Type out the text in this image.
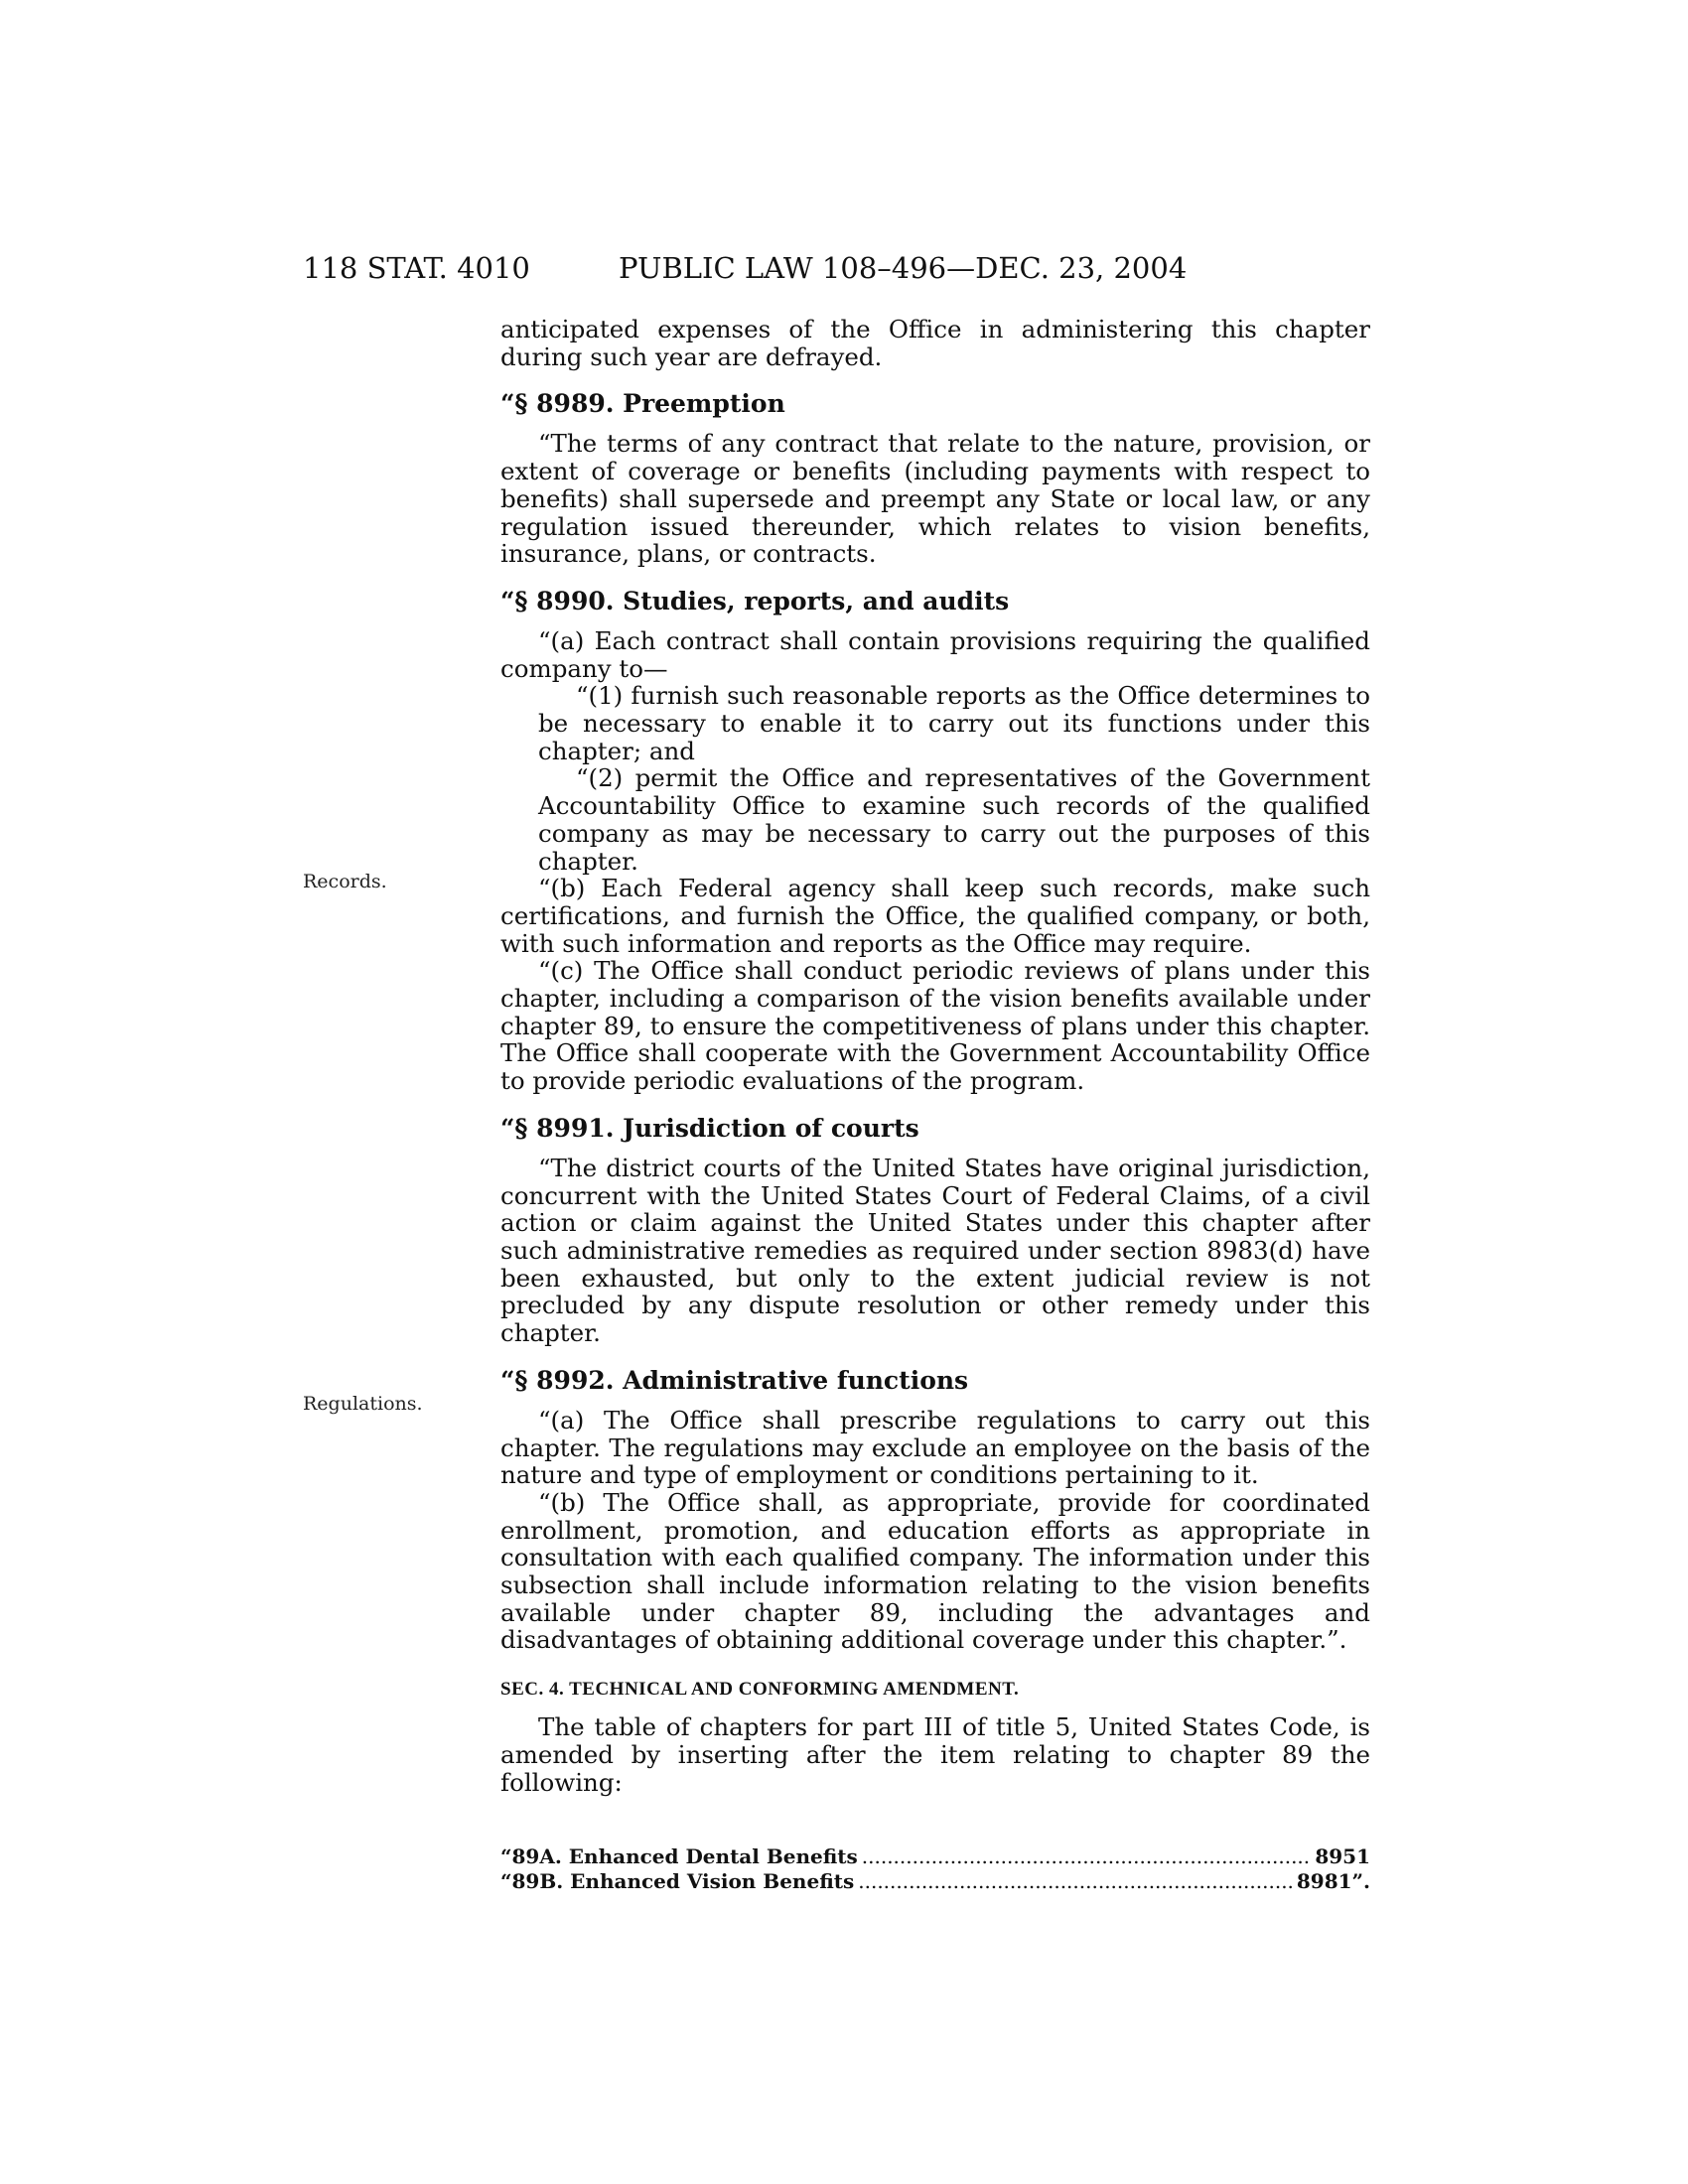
118 STAT. 4010	PUBLIC LAW 108–496—DEC. 23, 2004
Records.
Regulations.

anticipated expenses of the Office in administering this chapter during such year are defrayed.

“§ 8989. Preemption

“The terms of any contract that relate to the nature, provision, or extent of coverage or benefits (including payments with respect to benefits) shall supersede and preempt any State or local law, or any regulation issued thereunder, which relates to vision benefits, insurance, plans, or contracts.

“§ 8990. Studies, reports, and audits

“(a) Each contract shall contain provisions requiring the qualified company to—

“(1) furnish such reasonable reports as the Office determines to be necessary to enable it to carry out its functions under this chapter; and

“(2) permit the Office and representatives of the Government Accountability Office to examine such records of the qualified company as may be necessary to carry out the purposes of this chapter.

“(b) Each Federal agency shall keep such records, make such certifications, and furnish the Office, the qualified company, or both, with such information and reports as the Office may require.

“(c) The Office shall conduct periodic reviews of plans under this chapter, including a comparison of the vision benefits available under chapter 89, to ensure the competitiveness of plans under this chapter. The Office shall cooperate with the Government Accountability Office to provide periodic evaluations of the program.

“§ 8991. Jurisdiction of courts

“The district courts of the United States have original jurisdiction, concurrent with the United States Court of Federal Claims, of a civil action or claim against the United States under this chapter after such administrative remedies as required under section 8983(d) have been exhausted, but only to the extent judicial review is not precluded by any dispute resolution or other remedy under this chapter.

“§ 8992. Administrative functions

“(a) The Office shall prescribe regulations to carry out this chapter. The regulations may exclude an employee on the basis of the nature and type of employment or conditions pertaining to it.

“(b) The Office shall, as appropriate, provide for coordinated enrollment, promotion, and education efforts as appropriate in consultation with each qualified company. The information under this subsection shall include information relating to the vision benefits available under chapter 89, including the advantages and disadvantages of obtaining additional coverage under this chapter.”.

SEC. 4. TECHNICAL AND CONFORMING AMENDMENT.

The table of chapters for part III of title 5, United States Code, is amended by inserting after the item relating to chapter 89 the following:

“89A. Enhanced Dental Benefits .....	8951
“89B. Enhanced Vision Benefits .....	8981”.
